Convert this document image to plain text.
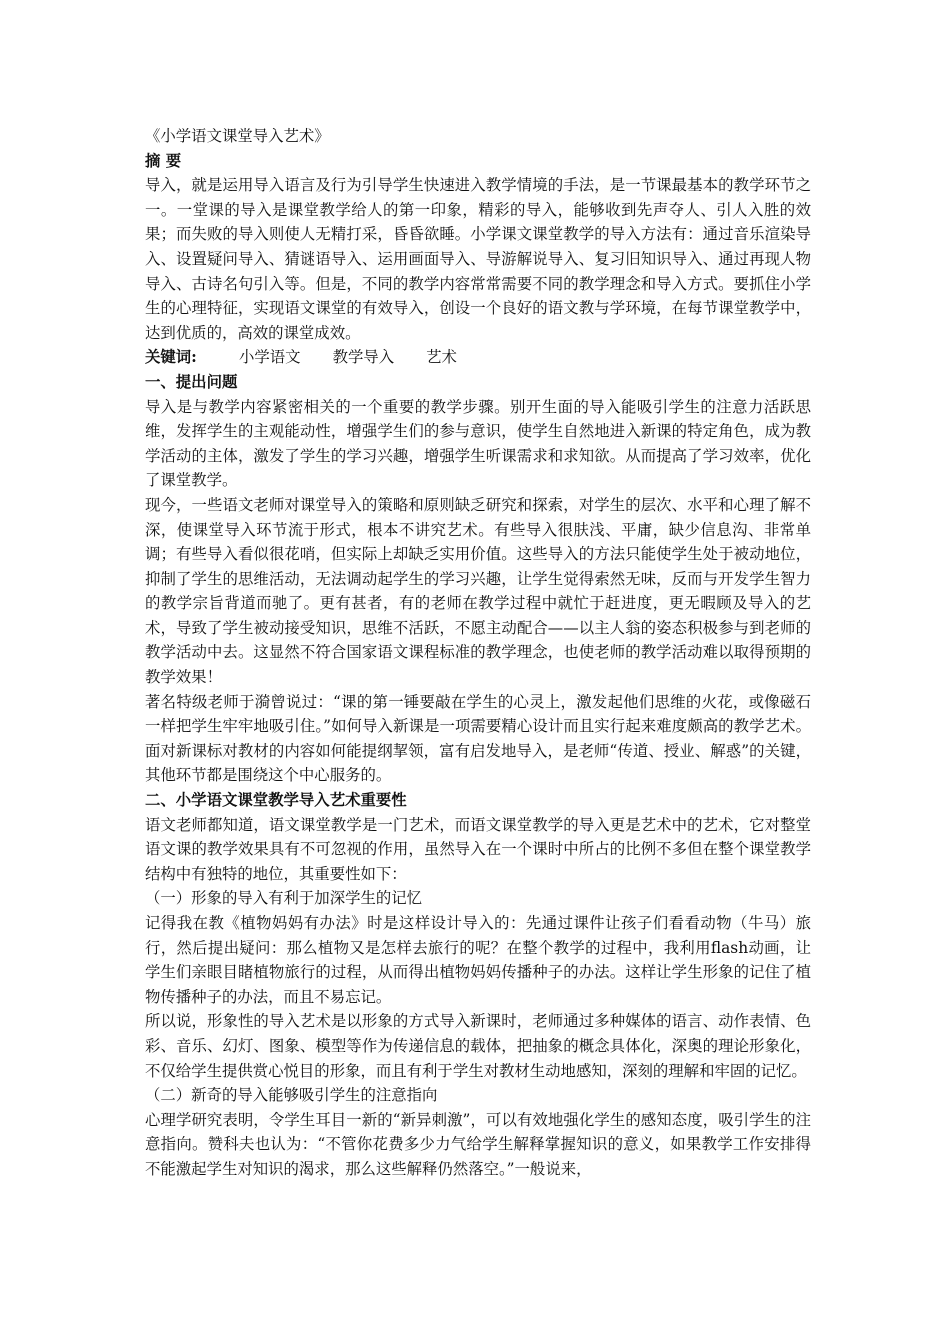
《小学语文课堂导入艺术》

摘 要

导入，就是运用导入语言及行为引导学生快速进入教学情境的手法，是一节课最基本的教学环节之一。一堂课的导入是课堂教学给人的第一印象，精彩的导入，能够收到先声夺人、引人入胜的效果；而失败的导入则使人无精打采，昏昏欲睡。小学课文课堂教学的导入方法有：通过音乐渲染导入、设置疑问导入、猜谜语导入、运用画面导入、导游解说导入、复习旧知识导入、通过再现人物导入、古诗名句引入等。但是，不同的教学内容常常需要不同的教学理念和导入方式。要抓住小学生的心理特征，实现语文课堂的有效导入，创设一个良好的语文教与学环境，在每节课堂教学中，达到优质的，高效的课堂成效。

关键词:	小学语文 教学导入 艺术

一、提出问题

导入是与教学内容紧密相关的一个重要的教学步骤。别开生面的导入能吸引学生的注意力活跃思维，发挥学生的主观能动性，增强学生们的参与意识，使学生自然地进入新课的特定角色，成为教学活动的主体，激发了学生的学习兴趣，增强学生听课需求和求知欲。从而提高了学习效率，优化了课堂教学。

现今，一些语文老师对课堂导入的策略和原则缺乏研究和探索，对学生的层次、水平和心理了解不深，使课堂导入环节流于形式，根本不讲究艺术。有些导入很肤浅、平庸，缺少信息沟、非常单调；有些导入看似很花哨，但实际上却缺乏实用价值。这些导入的方法只能使学生处于被动地位，抑制了学生的思维活动，无法调动起学生的学习兴趣，让学生觉得索然无味，反而与开发学生智力的教学宗旨背道而驰了。更有甚者，有的老师在教学过程中就忙于赶进度，更无暇顾及导入的艺术，导致了学生被动接受知识，思维不活跃，不愿主动配合——以主人翁的姿态积极参与到老师的教学活动中去。这显然不符合国家语文课程标准的教学理念，也使老师的教学活动难以取得预期的教学效果！

著名特级老师于漪曾说过：“课的第一锤要敲在学生的心灵上，激发起他们思维的火花，或像磁石一样把学生牢牢地吸引住。”如何导入新课是一项需要精心设计而且实行起来难度颇高的教学艺术。面对新课标对教材的内容如何能提纲挈领，富有启发地导入，是老师“传道、授业、解惑”的关键，其他环节都是围绕这个中心服务的。

二、小学语文课堂教学导入艺术重要性

语文老师都知道，语文课堂教学是一门艺术，而语文课堂教学的导入更是艺术中的艺术，它对整堂语文课的教学效果具有不可忽视的作用，虽然导入在一个课时中所占的比例不多但在整个课堂教学结构中有独特的地位，其重要性如下：

（一）形象的导入有利于加深学生的记忆

记得我在教《植物妈妈有办法》时是这样设计导入的：先通过课件让孩子们看看动物（牛马）旅行，然后提出疑问：那么植物又是怎样去旅行的呢？在整个教学的过程中，我利用flash动画，让学生们亲眼目睹植物旅行的过程，从而得出植物妈妈传播种子的办法。这样让学生形象的记住了植物传播种子的办法，而且不易忘记。

所以说，形象性的导入艺术是以形象的方式导入新课时，老师通过多种媒体的语言、动作表情、色彩、音乐、幻灯、图象、模型等作为传递信息的载体，把抽象的概念具体化，深奥的理论形象化，不仅给学生提供赏心悦目的形象，而且有利于学生对教材生动地感知，深刻的理解和牢固的记忆。

（二）新奇的导入能够吸引学生的注意指向

心理学研究表明，令学生耳目一新的“新异刺激”，可以有效地强化学生的感知态度，吸引学生的注意指向。赞科夫也认为：“不管你花费多少力气给学生解释掌握知识的意义，如果教学工作安排得不能激起学生对知识的渴求，那么这些解释仍然落空。”一般说来，
